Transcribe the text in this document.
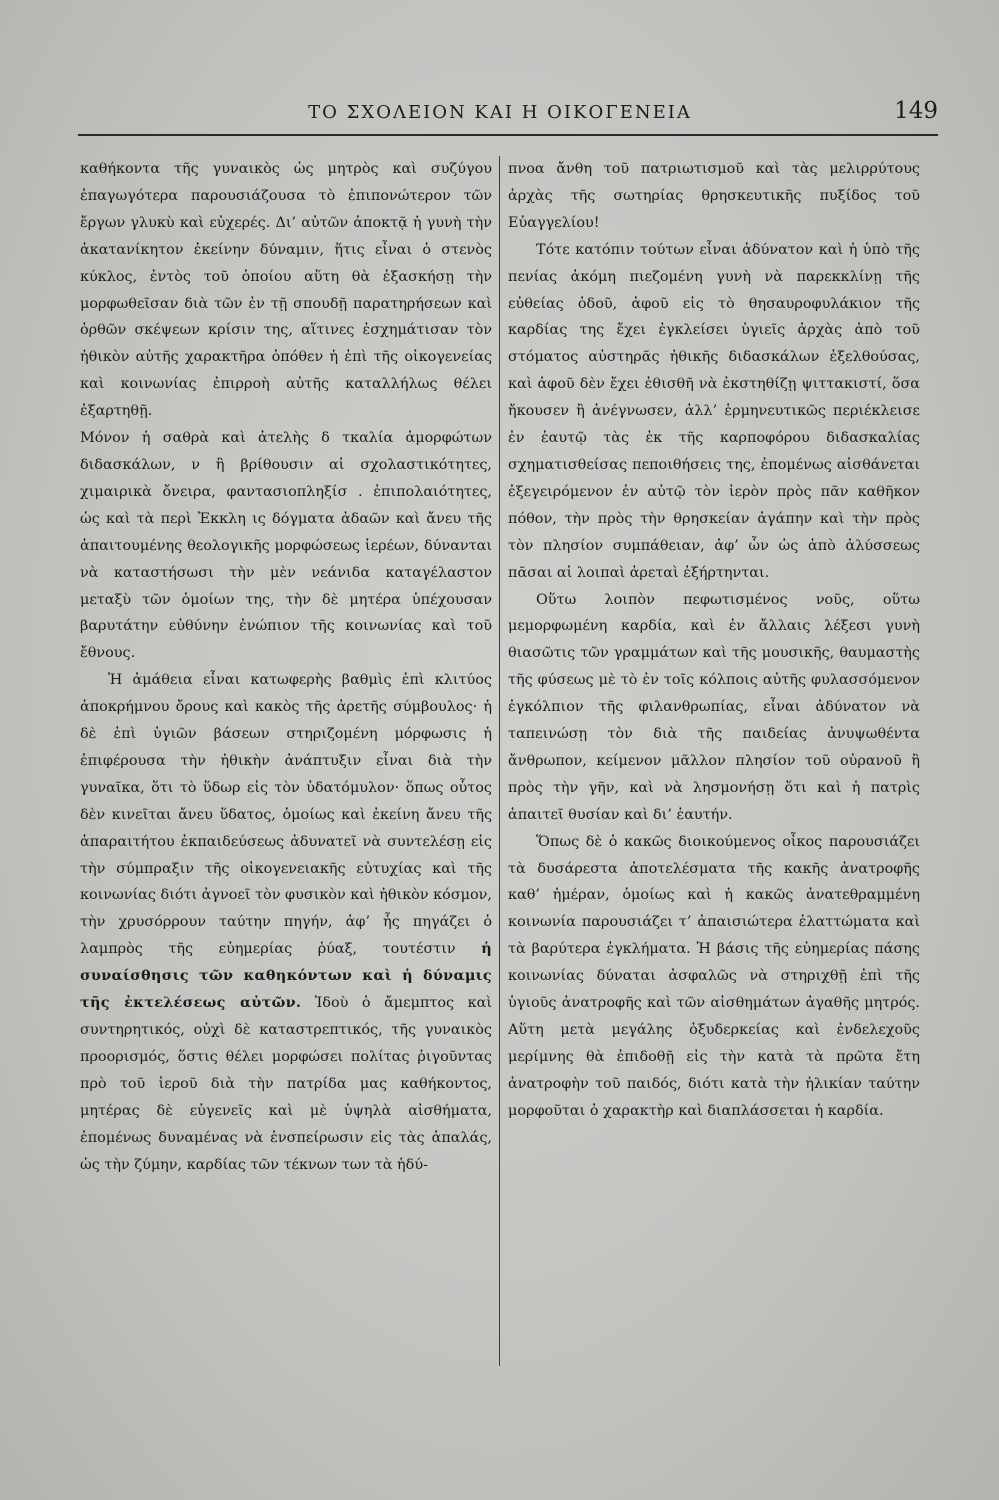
ΤΟ ΣΧΟΛΕΙΟΝ ΚΑΙ Η ΟΙΚΟΓΕΝΕΙΑ	149

καθήκοντα τῆς γυναικὸς ὡς μητρὸς καὶ συζύγου ἐπαγωγότερα παρουσιάζουσα τὸ ἐπιπονώτερον τῶν ἔργων γλυκὺ καὶ εὐχερές. Δι’ αὐτῶν ἀποκτᾷ ἡ γυνὴ τὴν ἀκατανίκητον ἐκείνην δύναμιν, ἥτις εἶναι ὁ στενὸς κύκλος, ἐντὸς τοῦ ὁποίου αὕτη θὰ ἐξασκήσῃ τὴν μορφωθεῖσαν διὰ τῶν ἐν τῇ σπουδῇ παρατηρήσεων καὶ ὀρθῶν σκέψεων κρίσιν της, αἵτινες ἐσχημάτισαν τὸν ἠθικὸν αὐτῆς χαρακτῆρα ὁπόθεν ἡ ἐπὶ τῆς οἰκογενείας καὶ κοινωνίας ἐπιρροὴ αὐτῆς καταλλήλως θέλει ἐξαρτηθῇ.

Μόνον ἡ σαθρὰ καὶ ἀτελὴς δ τκαλία ἀμορφώτων διδασκάλων, ν ἣ βρίθουσιν αἱ σχολαστικότητες, χιμαιρικὰ ὄνειρα, φαντασιοπληξίσ . ἐπιπολαιότητες, ὡς καὶ τὰ περὶ Ἐκκλη ις δόγματα ἀδαῶν καὶ ἄνευ τῆς ἀπαιτουμένης θεολογικῆς μορφώσεως ἱερέων, δύνανται νὰ καταστήσωσι τὴν μὲν νεάνιδα καταγέλαστον μεταξὺ τῶν ὁμοίων της, τὴν δὲ μητέρα ὑπέχουσαν βαρυτάτην εὐθύνην ἐνώπιον τῆς κοινωνίας καὶ τοῦ ἔθνους.

Ἡ ἀμάθεια εἶναι κατωφερὴς βαθμὶς ἐπὶ κλιτύος ἀποκρήμνου ὄρους καὶ κακὸς τῆς ἀρετῆς σύμβουλος· ἡ δὲ ἐπὶ ὑγιῶν βάσεων στηριζομένη μόρφωσις ἡ ἐπιφέρουσα τὴν ἠθικὴν ἀνάπτυξιν εἶναι διὰ τὴν γυναῖκα, ὅτι τὸ ὕδωρ εἰς τὸν ὑδατόμυλον· ὅπως οὗτος δὲν κινεῖται ἄνευ ὕδατος, ὁμοίως καὶ ἐκείνη ἄνευ τῆς ἀπαραιτήτου ἐκπαιδεύσεως ἀδυνατεῖ νὰ συντελέσῃ εἰς τὴν σύμπραξιν τῆς οἰκογενειακῆς εὐτυχίας καὶ τῆς κοινωνίας διότι ἀγνοεῖ τὸν φυσικὸν καὶ ἠθικὸν κόσμον, τὴν χρυσόρρουν ταύτην πηγήν, ἀφ’ ἧς πηγάζει ὁ λαμπρὸς τῆς εὐημερίας ῥύαξ, τουτέστιν ἡ συναίσθησις τῶν καθηκόντων καὶ ἡ δύναμις τῆς ἐκτελέσεως αὐτῶν. Ἰδοὺ ὁ ἄμεμπτος καὶ συντηρητικός, οὐχὶ δὲ καταστρεπτικός, τῆς γυναικὸς προορισμός, ὅστις θέλει μορφώσει πολίτας ῥιγοῦντας πρὸ τοῦ ἱεροῦ διὰ τὴν πατρίδα μας καθήκοντος, μητέρας δὲ εὐγενεῖς καὶ μὲ ὑψηλὰ αἰσθήματα, ἐπομένως δυναμένας νὰ ἐνσπείρωσιν εἰς τὰς ἁπαλάς, ὡς τὴν ζύμην, καρδίας τῶν τέκνων των τὰ ἡδύ-

πνοα ἄνθη τοῦ πατριωτισμοῦ καὶ τὰς μελιρρύτους ἀρχὰς τῆς σωτηρίας θρησκευτικῆς πυξίδος τοῦ Εὐαγγελίου!

Τότε κατόπιν τούτων εἶναι ἀδύνατον καὶ ἡ ὑπὸ τῆς πενίας ἀκόμη πιεζομένη γυνὴ νὰ παρεκκλίνῃ τῆς εὐθείας ὁδοῦ, ἀφοῦ εἰς τὸ θησαυροφυλάκιον τῆς καρδίας της ἔχει ἐγκλείσει ὑγιεῖς ἀρχὰς ἀπὸ τοῦ στόματος αὐστηρᾶς ἠθικῆς διδασκάλων ἐξελθούσας, καὶ ἀφοῦ δὲν ἔχει ἐθισθῆ νὰ ἐκστηθίζῃ ψιττακιστί, ὅσα ἤκουσεν ἢ ἀνέγνωσεν, ἀλλ’ ἑρμηνευτικῶς περιέκλεισε ἐν ἑαυτῷ τὰς ἐκ τῆς καρποφόρου διδασκαλίας σχηματισθείσας πεποιθήσεις της, ἐπομένως αἰσθάνεται ἐξεγειρόμενον ἐν αὐτῷ τὸν ἱερὸν πρὸς πᾶν καθῆκον πόθον, τὴν πρὸς τὴν θρησκείαν ἀγάπην καὶ τὴν πρὸς τὸν πλησίον συμπάθειαν, ἀφ’ ὧν ὡς ἀπὸ ἁλύσσεως πᾶσαι αἱ λοιπαὶ ἀρεταὶ ἐξήρτηνται.

Οὕτω λοιπὸν πεφωτισμένος νοῦς, οὕτω μεμορφωμένη καρδία, καὶ ἐν ἄλλαις λέξεσι γυνὴ θιασῶτις τῶν γραμμάτων καὶ τῆς μουσικῆς, θαυμαστὴς τῆς φύσεως μὲ τὸ ἐν τοῖς κόλποις αὐτῆς φυλασσόμενον ἐγκόλπιον τῆς φιλανθρωπίας, εἶναι ἀδύνατον νὰ ταπεινώσῃ τὸν διὰ τῆς παιδείας ἀνυψωθέντα ἄνθρωπον, κείμενον μᾶλλον πλησίον τοῦ οὐρανοῦ ἢ πρὸς τὴν γῆν, καὶ νὰ λησμονήσῃ ὅτι καὶ ἡ πατρὶς ἀπαιτεῖ θυσίαν καὶ δι’ ἑαυτήν.

Ὅπως δὲ ὁ κακῶς διοικούμενος οἶκος παρουσιάζει τὰ δυσάρεστα ἀποτελέσματα τῆς κακῆς ἀνατροφῆς καθ’ ἡμέραν, ὁμοίως καὶ ἡ κακῶς ἀνατεθραμμένη κοινωνία παρουσιάζει τ’ ἀπαισιώτερα ἐλαττώματα καὶ τὰ βαρύτερα ἐγκλήματα. Ἡ βάσις τῆς εὐημερίας πάσης κοινωνίας δύναται ἀσφαλῶς νὰ στηριχθῇ ἐπὶ τῆς ὑγιοῦς ἀνατροφῆς καὶ τῶν αἰσθημάτων ἀγαθῆς μητρός. Αὕτη μετὰ μεγάλης ὀξυδερκείας καὶ ἐνδελεχοῦς μερίμνης θὰ ἐπιδοθῇ εἰς τὴν κατὰ τὰ πρῶτα ἔτη ἀνατροφὴν τοῦ παιδός, διότι κατὰ τὴν ἡλικίαν ταύτην μορφοῦται ὁ χαρακτὴρ καὶ διαπλάσσεται ἡ καρδία.
